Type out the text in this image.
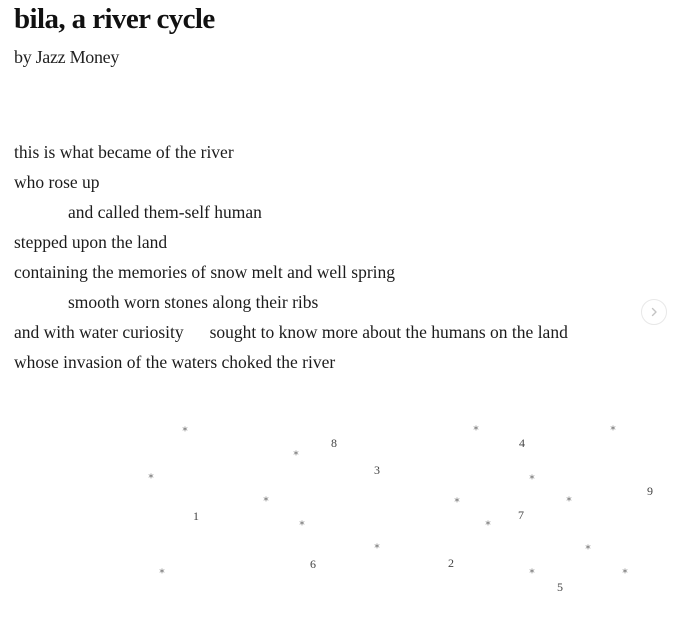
bila, a river cycle

by Jazz Money

this is what became of the river
who rose up
and called them-self human
stepped upon the land
containing the memories of snow melt and well spring
smooth worn stones along their ribs
and with water curiosity sought to know more about the humans on the land
whose invasion of the waters choked the river
*
*
1
*
*
8
3
*
*
6
*
*
4
*
*
7
*
2
*
5
*
*
*
*
9
